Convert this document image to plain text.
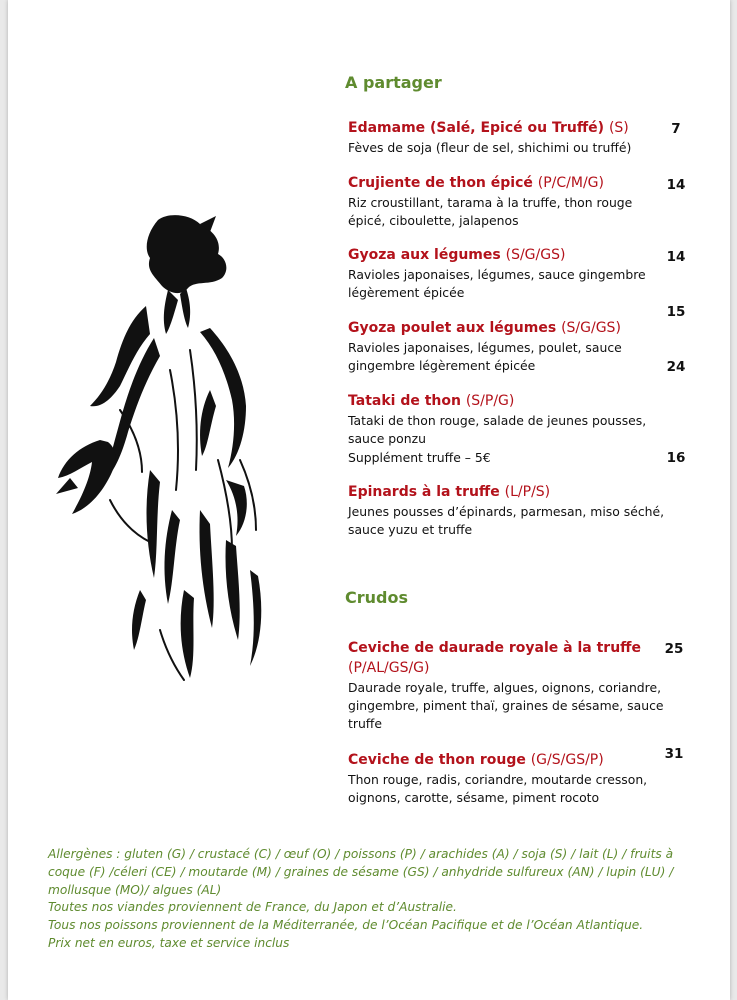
A partager
Edamame (Salé, Epicé ou Truffé) (S)
Fèves de soja (fleur de sel, shichimi ou truffé)
Crujiente de thon épicé (P/C/M/G)
Riz croustillant, tarama à la truffe, thon rouge épicé, ciboulette, jalapenos
Gyoza aux légumes (S/G/GS)
Ravioles japonaises, légumes, sauce gingembre légèrement épicée
Gyoza poulet aux légumes (S/G/GS)
Ravioles japonaises, légumes, poulet, sauce gingembre légèrement épicée
Tataki de thon (S/P/G)
Tataki de thon rouge, salade de jeunes pousses, sauce ponzu
Supplément truffe – 5€
Epinards à la truffe (L/P/S)
Jeunes pousses d’épinards, parmesan, miso séché, sauce yuzu et truffe
7
14
14
15
24
16
Crudos
Ceviche de daurade royale à la truffe (P/AL/GS/G)
Daurade royale, truffe, algues, oignons, coriandre, gingembre, piment thaï, graines de sésame, sauce truffe
Ceviche de thon rouge (G/S/GS/P)
Thon rouge, radis, coriandre, moutarde cresson, oignons, carotte, sésame, piment rocoto
25
31
Allergènes : gluten (G) / crustacé (C) / œuf (O) / poissons (P) / arachides (A) / soja (S) / lait (L) / fruits à coque (F) /céleri (CE) / moutarde (M) / graines de sésame (GS) / anhydride sulfureux (AN) / lupin (LU) / mollusque (MO)/ algues (AL)
Toutes nos viandes proviennent de France, du Japon et d’Australie.
Tous nos poissons proviennent de la Méditerranée, de l’Océan Pacifique et de l’Océan Atlantique.
Prix net en euros, taxe et service inclus
